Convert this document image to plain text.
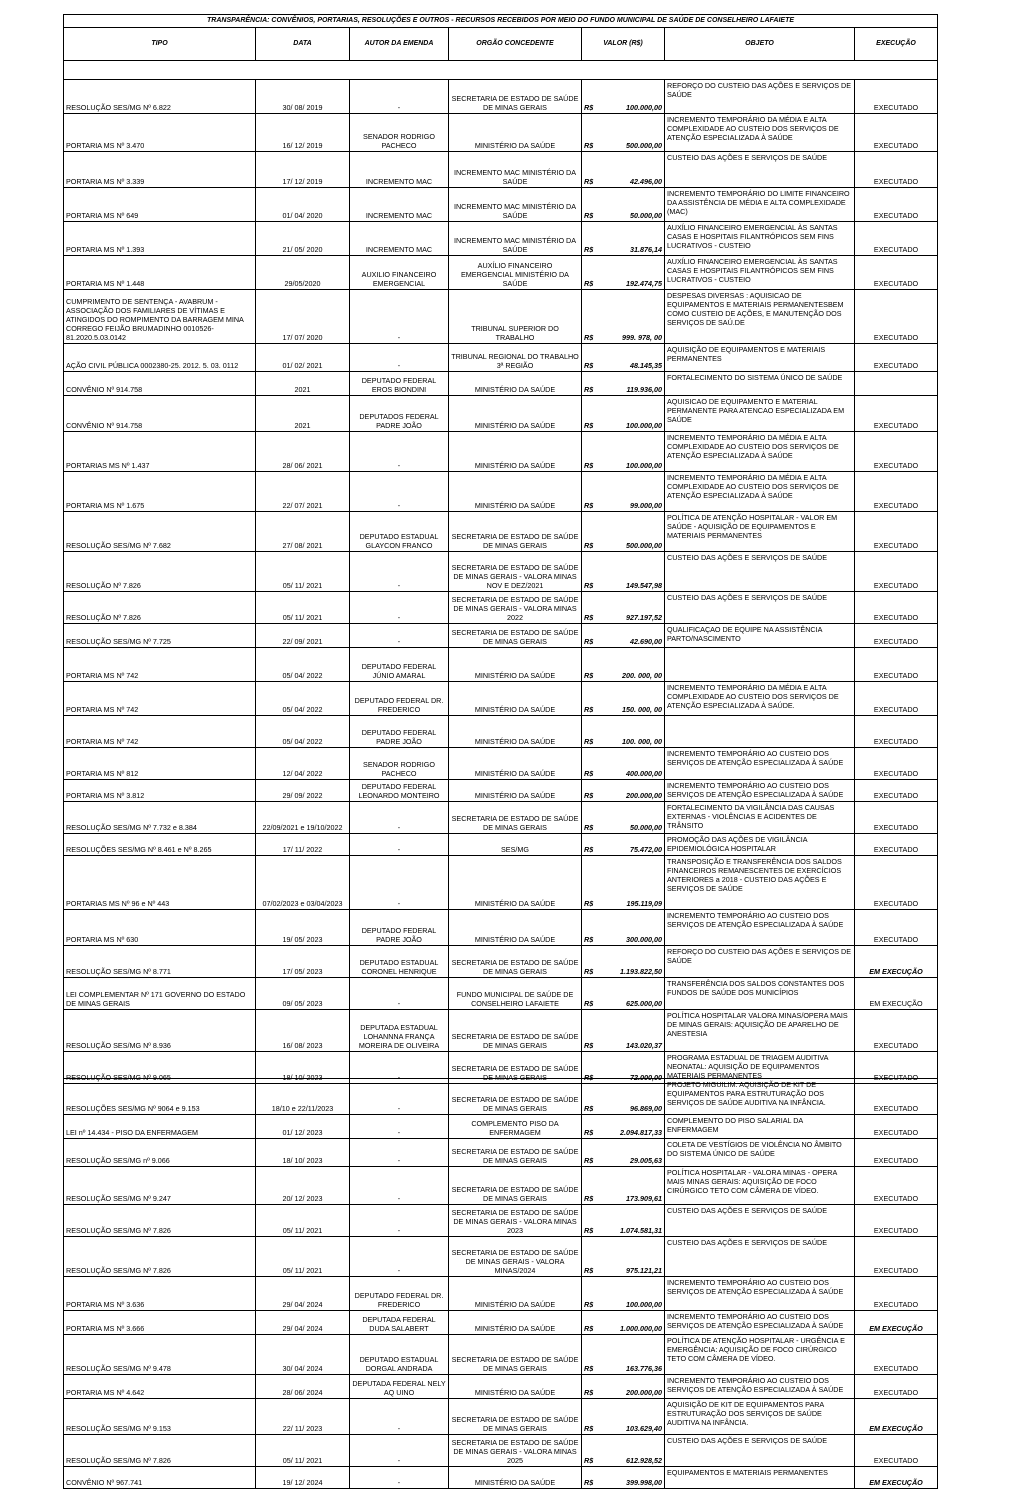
TRANSPARÊNCIA: CONVÊNIOS, PORTARIAS, RESOLUÇÕES E OUTROS - RECURSOS RECEBIDOS POR MEIO DO FUNDO MUNICIPAL DE SAÚDE DE CONSELHEIRO LAFAIETE							
TIPO	DATA	AUTOR DA EMENDA	ORGÃO CONCEDENTE	VALOR (R$)		OBJETO	EXECUÇÃO

RESOLUÇÃO SES/MG Nº 6.822	30/ 08/ 2019	-	SECRETARIA DE ESTADO DE SAÚDE DE MINAS GERAIS	R$	100.000,00	REFORÇO DO CUSTEIO DAS AÇÕES E SERVIÇOS DE SAÚDE	EXECUTADO
PORTARIA MS Nº 3.470	16/ 12/ 2019	SENADOR RODRIGO PACHECO	MINISTÉRIO DA SAÚDE	R$	500.000,00	INCREMENTO TEMPORÁRIO DA MÉDIA E ALTA COMPLEXIDADE AO CUSTEIO DOS SERVIÇOS DE ATENÇÃO ESPECIALIZADA À SAÚDE	EXECUTADO
PORTARIA MS Nº 3.339	17/ 12/ 2019	INCREMENTO MAC	INCREMENTO MAC MINISTÉRIO DA SAÚDE	R$	42.496,00	CUSTEIO DAS AÇÕES E SERVIÇOS DE SAÚDE	EXECUTADO
PORTARIA MS Nº 649	01/ 04/ 2020	INCREMENTO MAC	INCREMENTO MAC MINISTÉRIO DA SAÚDE	R$	50.000,00	INCREMENTO TEMPORÁRIO DO LIMITE FINANCEIRO DA ASSISTÊNCIA DE MÉDIA E ALTA COMPLEXIDADE (MAC)	EXECUTADO
PORTARIA MS Nº 1.393	21/ 05/ 2020	INCREMENTO MAC	INCREMENTO MAC MINISTÉRIO DA SAÚDE	R$	31.876,14	AUXÍLIO FINANCEIRO EMERGENCIAL ÀS SANTAS CASAS E HOSPITAIS FILANTRÓPICOS SEM FINS LUCRATIVOS - CUSTEIO	EXECUTADO
PORTARIA MS Nº 1.448	29/05/2020	AUXILIO FINANCEIRO EMERGENCIAL	AUXÍLIO FINANCEIRO EMERGENCIAL MINISTÉRIO DA SAÚDE	R$	192.474,75	AUXÍLIO FINANCEIRO EMERGENCIAL ÀS SANTAS CASAS E HOSPITAIS FILANTRÓPICOS SEM FINS LUCRATIVOS - CUSTEIO	EXECUTADO
CUMPRIMENTO DE SENTENÇA - AVABRUM - ASSOCIAÇÃO DOS FAMILIARES DE VÍTIMAS E ATINGIDOS DO ROMPIMENTO DA BARRAGEM MINA CORREGO FEIJÃO BRUMADINHO 0010526-81.2020.5.03.0142	17/ 07/ 2020	-	TRIBUNAL SUPERIOR DO TRABALHO	R$	999. 978, 00	DESPESAS DIVERSAS : AQUISICAO DE EQUIPAMENTOS E MATERIAIS PERMANENTESBEM COMO CUSTEIO DE AÇÕES, E MANUTENÇÃO DOS SERVIÇOS DE SAÚ.DE	EXECUTADO
AÇÃO CIVIL PÚBLICA 0002380-25. 2012. 5. 03. 0112	01/ 02/ 2021	-	TRIBUNAL REGIONAL DO TRABALHO 3ª REGIÃO	R$	48.145,35	AQUISIÇÃO DE EQUIPAMENTOS E MATERIAIS PERMANENTES	EXECUTADO
CONVÊNIO Nº 914.758	2021	DEPUTADO FEDERAL EROS BIONDINI	MINISTÉRIO DA SAÚDE	R$	119.936,00	FORTALECIMENTO DO SISTEMA ÚNICO DE SAÚDE	
CONVÊNIO Nº 914.758	2021	DEPUTADOS FEDERAL PADRE JOÃO	MINISTÉRIO DA SAÚDE	R$	100.000,00	AQUISICAO DE EQUIPAMENTO E MATERIAL PERMANENTE PARA ATENCAO ESPECIALIZADA EM SAÚDE	EXECUTADO
PORTARIAS MS Nº 1.437	28/ 06/ 2021	-	MINISTÉRIO DA SAÚDE	R$	100.000,00	INCREMENTO TEMPORÁRIO DA MÉDIA E ALTA COMPLEXIDADE AO CUSTEIO DOS SERVIÇOS DE ATENÇÃO ESPECIALIZADA À SAÚDE	EXECUTADO
PORTARIA MS Nº 1.675	22/ 07/ 2021	-	MINISTÉRIO DA SAÚDE	R$	99.000,00	INCREMENTO TEMPORÁRIO DA MÉDIA E ALTA COMPLEXIDADE AO CUSTEIO DOS SERVIÇOS DE ATENÇÃO ESPECIALIZADA À SAÚDE	EXECUTADO
RESOLUÇÃO SES/MG Nº 7.682	27/ 08/ 2021	DEPUTADO ESTADUAL GLAYCON FRANCO	SECRETARIA DE ESTADO DE SAÚDE DE MINAS GERAIS	R$	500.000,00	POLÍTICA DE ATENÇÃO HOSPITALAR - VALOR EM SAÚDE - AQUISIÇÃO DE EQUIPAMENTOS E MATERIAIS PERMANENTES	EXECUTADO
RESOLUÇÃO Nº 7.826	05/ 11/ 2021	-	SECRETARIA DE ESTADO DE SAÚDE DE MINAS GERAIS - VALORA MINAS NOV E DEZ/2021	R$	149.547,98	CUSTEIO DAS AÇÕES E SERVIÇOS DE SAÚDE	EXECUTADO
RESOLUÇÃO Nº 7.826	05/ 11/ 2021	-	SECRETARIA DE ESTADO DE SAÚDE DE MINAS GERAIS - VALORA MINAS 2022	R$	927.197,52	CUSTEIO DAS AÇÕES E SERVIÇOS DE SAÚDE	EXECUTADO
RESOLUÇÃO SES/MG Nº 7.725	22/ 09/ 2021	-	SECRETARIA DE ESTADO DE SAÚDE DE MINAS GERAIS	R$	42.690,00	QUALIFICAÇAO DE EQUIPE NA ASSISTÊNCIA PARTO/NASCIMENTO	EXECUTADO
PORTARIA MS Nº 742	05/ 04/ 2022	DEPUTADO FEDERAL JÚNIO AMARAL	MINISTÉRIO DA SAÚDE	R$	200. 000, 00		EXECUTADO
PORTARIA MS Nº 742	05/ 04/ 2022	DEPUTADO FEDERAL DR. FREDERICO	MINISTÉRIO DA SAÚDE	R$	150. 000, 00	INCREMENTO TEMPORÁRIO DA MÉDIA E ALTA COMPLEXIDADE AO CUSTEIO DOS SERVIÇOS DE ATENÇÃO ESPECIALIZADA À SAÚDE.	EXECUTADO
PORTARIA MS Nº 742	05/ 04/ 2022	DEPUTADO FEDERAL PADRE JOÃO	MINISTÉRIO DA SAÚDE	R$	100. 000, 00		EXECUTADO
PORTARIA MS Nº 812	12/ 04/ 2022	SENADOR RODRIGO PACHECO	MINISTÉRIO DA SAÚDE	R$	400.000,00	INCREMENTO TEMPORÁRIO AO CUSTEIO DOS SERVIÇOS DE ATENÇÃO ESPECIALIZADA À SAÚDE	EXECUTADO
PORTARIA MS Nº 3.812	29/ 09/ 2022	DEPUTADO FEDERAL LEONARDO MONTEIRO	MINISTÉRIO DA SAÚDE	R$	200.000,00	INCREMENTO TEMPORÁRIO AO CUSTEIO DOS SERVIÇOS DE ATENÇÃO ESPECIALIZADA À SAÚDE	EXECUTADO
RESOLUÇÃO SES/MG Nº 7.732 e 8.384	22/09/2021 e 19/10/2022	-	SECRETARIA DE ESTADO DE SAÚDE DE MINAS GERAIS	R$	50.000,00	FORTALECIMENTO DA VIGILÂNCIA DAS CAUSAS EXTERNAS - VIOLÊNCIAS E ACIDENTES DE TRÂNSITO	EXECUTADO
RESOLUÇÕES SES/MG Nº 8.461 e Nº 8.265	17/ 11/ 2022	-	SES/MG	R$	75.472,00	PROMOÇÃO DAS AÇÕES DE VIGILÂNCIA EPIDEMIOLÓGICA HOSPITALAR	EXECUTADO
PORTARIAS MS Nº 96 e Nº 443	07/02/2023 e 03/04/2023	-	MINISTÉRIO DA SAÚDE	R$	195.119,09	TRANSPOSIÇÃO E TRANSFERÊNCIA DOS SALDOS FINANCEIROS REMANESCENTES DE EXERCÍCIOS ANTERIORES a 2018 - CUSTEIO DAS AÇÕES E SERVIÇOS DE SAÚDE	EXECUTADO
PORTARIA MS Nº 630	19/ 05/ 2023	DEPUTADO FEDERAL PADRE JOÃO	MINISTÉRIO DA SAÚDE	R$	300.000,00	INCREMENTO TEMPORÁRIO AO CUSTEIO DOS SERVIÇOS DE ATENÇÃO ESPECIALIZADA À SAÚDE	EXECUTADO
RESOLUÇÃO SES/MG Nº 8.771	17/ 05/ 2023	DEPUTADO ESTADUAL CORONEL HENRIQUE	SECRETARIA DE ESTADO DE SAÚDE DE MINAS GERAIS	R$	1.193.822,50	REFORÇO DO CUSTEIO DAS AÇÕES E SERVIÇOS DE SAÚDE	EM EXECUÇÃO
LEI COMPLEMENTAR Nº 171 GOVERNO DO ESTADO DE MINAS GERAIS	09/ 05/ 2023	-	FUNDO MUNICIPAL DE SAÚDE DE CONSELHEIRO LAFAIETE	R$	625.000,00	TRANSFERÊNCIA DOS SALDOS CONSTANTES DOS FUNDOS DE SAÚDE DOS MUNICÍPIOS	EM EXECUÇÃO
RESOLUÇÃO SES/MG Nº 8.936	16/ 08/ 2023	DEPUTADA ESTADUAL LOHANNNA FRANÇA MOREIRA DE OLIVEIRA	SECRETARIA DE ESTADO DE SAÚDE DE MINAS GERAIS	R$	143.020,37	POLÍTICA HOSPITALAR VALORA MINAS/OPERA MAIS DE MINAS GERAIS: AQUISIÇÃO DE APARELHO DE ANESTESIA	EXECUTADO
RESOLUÇÃO SES/MG Nº 9.065	18/ 10/ 2023	-	SECRETARIA DE ESTADO DE SAÚDE DE MINAS GERAIS	R$	72.000,00	PROGRAMA ESTADUAL DE TRIAGEM AUDITIVA NEONATAL: AQUISIÇÃO DE EQUIPAMENTOS MATERIAIS PERMANENTES	EXECUTADO
RESOLUÇÕES SES/MG Nº 9064 e 9.153	18/10 e 22/11/2023	-	SECRETARIA DE ESTADO DE SAÚDE DE MINAS GERAIS	R$	96.869,00	PROJETO MIGUILIM: AQUISIÇÃO DE KIT DE EQUIPAMENTOS PARA ESTRUTURAÇÃO DOS SERVIÇOS DE SAÚDE AUDITIVA NA INFÂNCIA.	EXECUTADO
LEI nº 14.434 - PISO DA ENFERMAGEM	01/ 12/ 2023	-	COMPLEMENTO PISO DA ENFERMAGEM	R$	2.094.817,33	COMPLEMENTO DO PISO SALARIAL DA ENFERMAGEM	EXECUTADO
RESOLUÇÃO SES/MG nº 9.066	18/ 10/ 2023	-	SECRETARIA DE ESTADO DE SAÚDE DE MINAS GERAIS	R$	29.005,63	COLETA DE VESTÍGIOS DE VIOLÊNCIA NO ÂMBITO DO SISTEMA ÚNICO DE SAÚDE	EXECUTADO
RESOLUÇÃO SES/MG Nº 9.247	20/ 12/ 2023	-	SECRETARIA DE ESTADO DE SAÚDE DE MINAS GERAIS	R$	173.909,61	POLÍTICA HOSPITALAR - VALORA MINAS - OPERA MAIS MINAS GERAIS: AQUISIÇÃO DE FOCO CIRÚRGICO TETO COM CÂMERA DE VÍDEO.	EXECUTADO
RESOLUÇÃO SES/MG Nº 7.826	05/ 11/ 2021	-	SECRETARIA DE ESTADO DE SAÚDE DE MINAS GERAIS - VALORA MINAS 2023	R$	1.074.581,31	CUSTEIO DAS AÇÕES E SERVIÇOS DE SAÚDE	EXECUTADO
RESOLUÇÃO SES/MG Nº 7.826	05/ 11/ 2021	-	SECRETARIA DE ESTADO DE SAÚDE DE MINAS GERAIS - VALORA MINAS/2024	R$	975.121,21	CUSTEIO DAS AÇÕES E SERVIÇOS DE SAÚDE	EXECUTADO
PORTARIA MS Nº 3.636	29/ 04/ 2024	DEPUTADO FEDERAL DR. FREDERICO	MINISTÉRIO DA SAÚDE	R$	100.000,00	INCREMENTO TEMPORÁRIO AO CUSTEIO DOS SERVIÇOS DE ATENÇÃO ESPECIALIZADA À SAÚDE	EXECUTADO
PORTARIA MS Nº 3.666	29/ 04/ 2024	DEPUTADA FEDERAL DUDA SALABERT	MINISTÉRIO DA SAÚDE	R$	1.000.000,00	INCREMENTO TEMPORÁRIO AO CUSTEIO DOS SERVIÇOS DE ATENÇÃO ESPECIALIZADA À SAÚDE	EM EXECUÇÃO
RESOLUÇÃO SES/MG Nº 9.478	30/ 04/ 2024	DEPUTADO ESTADUAL DORGAL ANDRADA	SECRETARIA DE ESTADO DE SAÚDE DE MINAS GERAIS	R$	163.776,36	POLÍTICA DE ATENÇÃO HOSPITALAR - URGÊNCIA E EMERGÊNCIA: AQUISIÇÃO DE FOCO CIRÚRGICO TETO COM CÂMERA DE VÍDEO.	EXECUTADO
PORTARIA MS Nº 4.642	28/ 06/ 2024	DEPUTADA FEDERAL NELY AQ UINO	MINISTÉRIO DA SAÚDE	R$	200.000,00	INCREMENTO TEMPORÁRIO AO CUSTEIO DOS SERVIÇOS DE ATENÇÃO ESPECIALIZADA À SAÚDE	EXECUTADO
RESOLUÇÃO SES/MG Nº 9.153	22/ 11/ 2023	-	SECRETARIA DE ESTADO DE SAÚDE DE MINAS GERAIS	R$	103.629,40	AQUISIÇÃO DE KIT DE EQUIPAMENTOS PARA ESTRUTURAÇÃO DOS SERVIÇOS DE SAÚDE AUDITIVA NA INFÂNCIA.	EM EXECUÇÃO
RESOLUÇÃO SES/MG Nº 7.826	05/ 11/ 2021	-	SECRETARIA DE ESTADO DE SAÚDE DE MINAS GERAIS - VALORA MINAS 2025	R$	612.928,52	CUSTEIO DAS AÇÕES E SERVIÇOS DE SAÚDE	EXECUTADO
CONVÊNIO Nº 967.741	19/ 12/ 2024	-	MINISTÉRIO DA SAÚDE	R$	399.998,00	EQUIPAMENTOS E MATERIAIS PERMANENTES	EM EXECUÇÃO
